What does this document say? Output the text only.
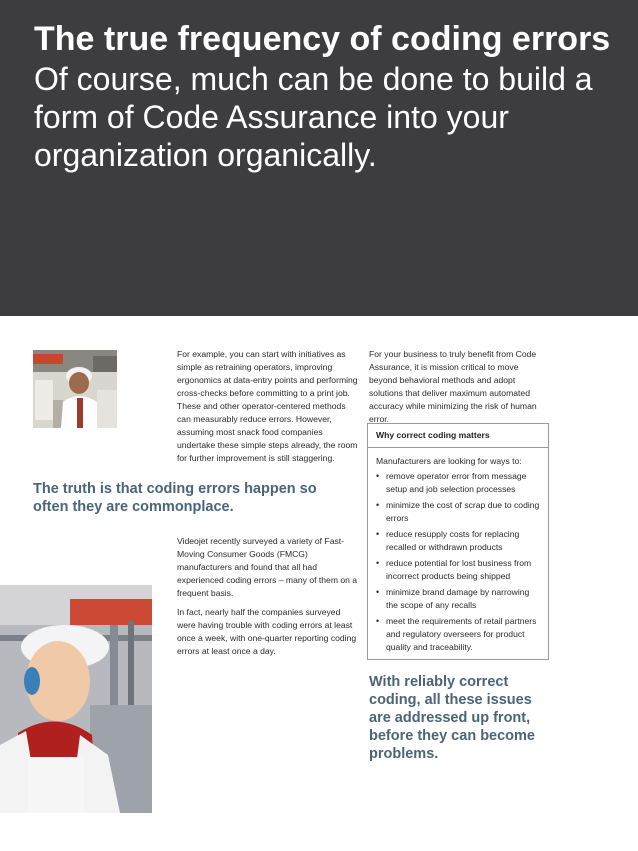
The true frequency of coding errors
Of course, much can be done to build a form of Code Assurance into your organization organically.

For example, you can start with initiatives as simple as retraining operators, improving ergonomics at data-entry points and performing cross-checks before committing to a print job. These and other operator-centered methods can measurably reduce errors. However, assuming most snack food companies undertake these simple steps already, the room for further improvement is still staggering.

The truth is that coding errors happen so often they are commonplace.

Videojet recently surveyed a variety of Fast-Moving Consumer Goods (FMCG) manufacturers and found that all had experienced coding errors – many of them on a frequent basis.

In fact, nearly half the companies surveyed were having trouble with coding errors at least once a week, with one-quarter reporting coding errors at least once a day.

For your business to truly benefit from Code Assurance, it is mission critical to move beyond behavioral methods and adopt solutions that deliver maximum automated accuracy while minimizing the risk of human error.

Why correct coding matters
Manufacturers are looking for ways to:
• remove operator error from message setup and job selection processes
• minimize the cost of scrap due to coding errors
• reduce resupply costs for replacing recalled or withdrawn products
• reduce potential for lost business from incorrect products being shipped
• minimize brand damage by narrowing the scope of any recalls
• meet the requirements of retail partners and regulatory overseers for product quality and traceability.
With reliably correct coding, all these issues are addressed up front, before they can become problems.
